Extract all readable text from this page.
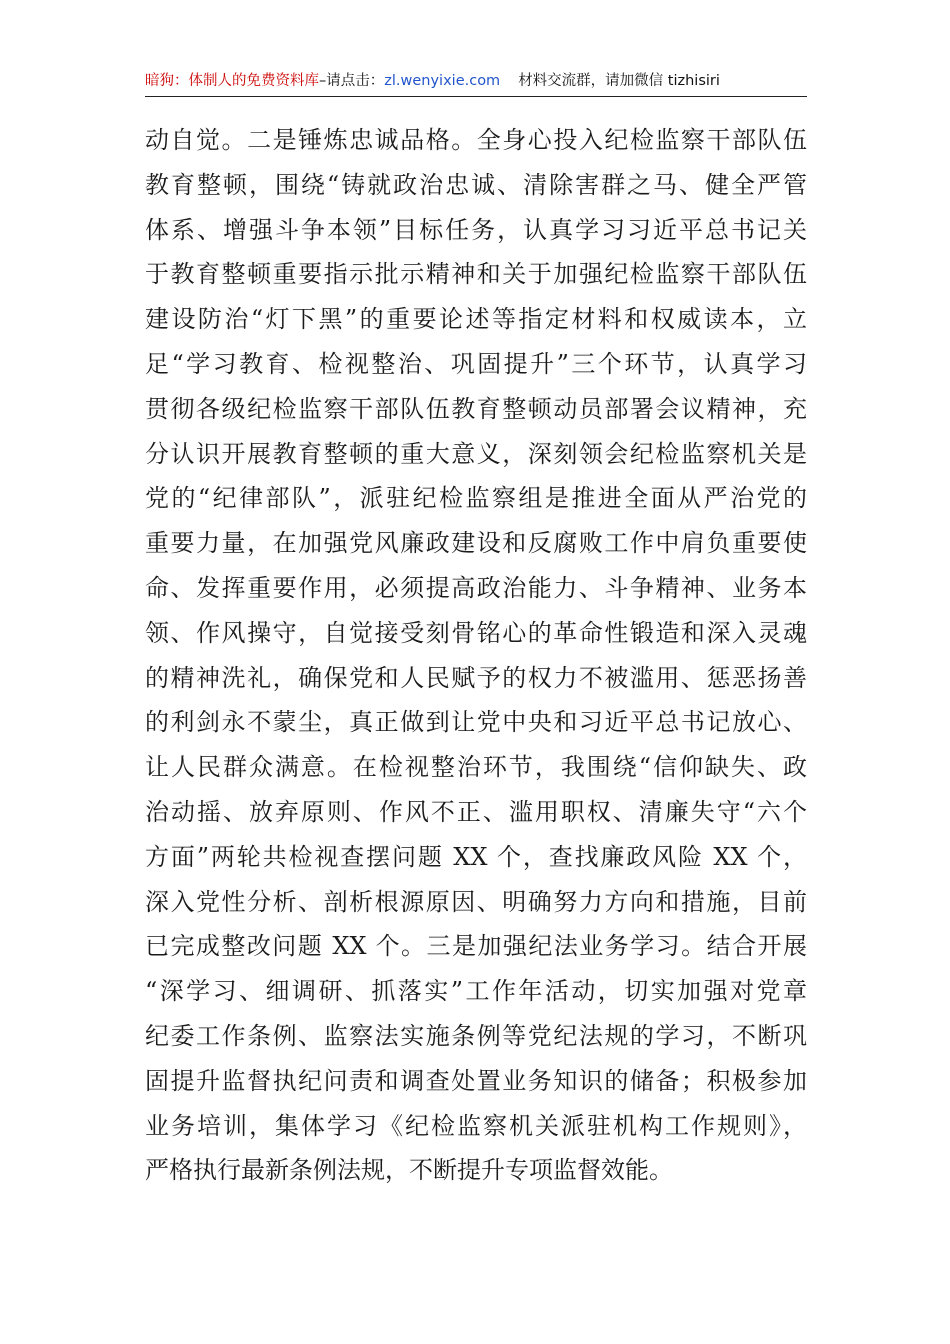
暗狗：体制人的免费资料库–请点击：zl.wenyixie.com 材料交流群，请加微信 tizhisiri
动自觉。二是锤炼忠诚品格。全身心投入纪检监察干部队伍
教育整顿，围绕“铸就政治忠诚、清除害群之马、健全严管
体系、增强斗争本领”目标任务，认真学习习近平总书记关
于教育整顿重要指示批示精神和关于加强纪检监察干部队伍
建设防治“灯下黑”的重要论述等指定材料和权威读本，立
足“学习教育、检视整治、巩固提升”三个环节，认真学习
贯彻各级纪检监察干部队伍教育整顿动员部署会议精神，充
分认识开展教育整顿的重大意义，深刻领会纪检监察机关是
党的“纪律部队”，派驻纪检监察组是推进全面从严治党的
重要力量，在加强党风廉政建设和反腐败工作中肩负重要使
命、发挥重要作用，必须提高政治能力、斗争精神、业务本
领、作风操守，自觉接受刻骨铭心的革命性锻造和深入灵魂
的精神洗礼，确保党和人民赋予的权力不被滥用、惩恶扬善
的利剑永不蒙尘，真正做到让党中央和习近平总书记放心、
让人民群众满意。在检视整治环节，我围绕“信仰缺失、政
治动摇、放弃原则、作风不正、滥用职权、清廉失守“六个
方面”两轮共检视查摆问题 XX 个，查找廉政风险 XX 个，
深入党性分析、剖析根源原因、明确努力方向和措施，目前
已完成整改问题 XX 个。三是加强纪法业务学习。结合开展
“深学习、细调研、抓落实”工作年活动，切实加强对党章
纪委工作条例、监察法实施条例等党纪法规的学习，不断巩
固提升监督执纪问责和调查处置业务知识的储备；积极参加
业务培训，集体学习《纪检监察机关派驻机构工作规则》，
严格执行最新条例法规，不断提升专项监督效能。
